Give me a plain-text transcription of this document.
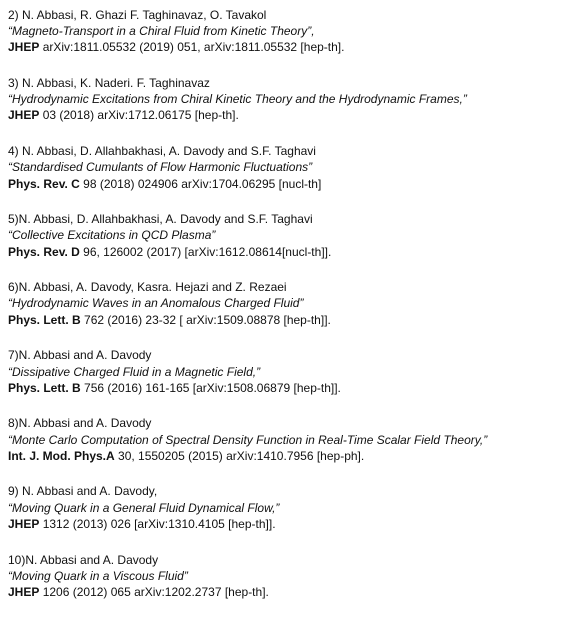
2) N. Abbasi, R. Ghazi F. Taghinavaz, O. Tavakol
“Magneto-Transport in a Chiral Fluid from Kinetic Theory”,
JHEP arXiv:1811.05532 (2019) 051, arXiv:1811.05532 [hep-th].
3) N. Abbasi, K. Naderi. F. Taghinavaz
“Hydrodynamic Excitations from Chiral Kinetic Theory and the Hydrodynamic Frames,”
JHEP 03 (2018) arXiv:1712.06175 [hep-th].
4) N. Abbasi, D. Allahbakhasi, A. Davody and S.F. Taghavi
“Standardised Cumulants of Flow Harmonic Fluctuations”
Phys. Rev. C 98 (2018) 024906 arXiv:1704.06295 [nucl-th]
5)N. Abbasi, D. Allahbakhasi, A. Davody and S.F. Taghavi
“Collective Excitations in QCD Plasma”
Phys. Rev. D 96, 126002 (2017) [arXiv:1612.08614[nucl-th]].
6)N. Abbasi, A. Davody, Kasra. Hejazi and Z. Rezaei
“Hydrodynamic Waves in an Anomalous Charged Fluid”
Phys. Lett. B 762 (2016) 23-32 [ arXiv:1509.08878 [hep-th]].
7)N. Abbasi and A. Davody
“Dissipative Charged Fluid in a Magnetic Field,”
Phys. Lett. B 756 (2016) 161-165 [arXiv:1508.06879 [hep-th]].
8)N. Abbasi and A. Davody
“Monte Carlo Computation of Spectral Density Function in Real-Time Scalar Field Theory,”
Int. J. Mod. Phys.A 30, 1550205 (2015) arXiv:1410.7956 [hep-ph].
9) N. Abbasi and A. Davody,
“Moving Quark in a General Fluid Dynamical Flow,”
JHEP 1312 (2013) 026 [arXiv:1310.4105 [hep-th]].
10)N. Abbasi and A. Davody
“Moving Quark in a Viscous Fluid”
JHEP 1206 (2012) 065 arXiv:1202.2737 [hep-th].
